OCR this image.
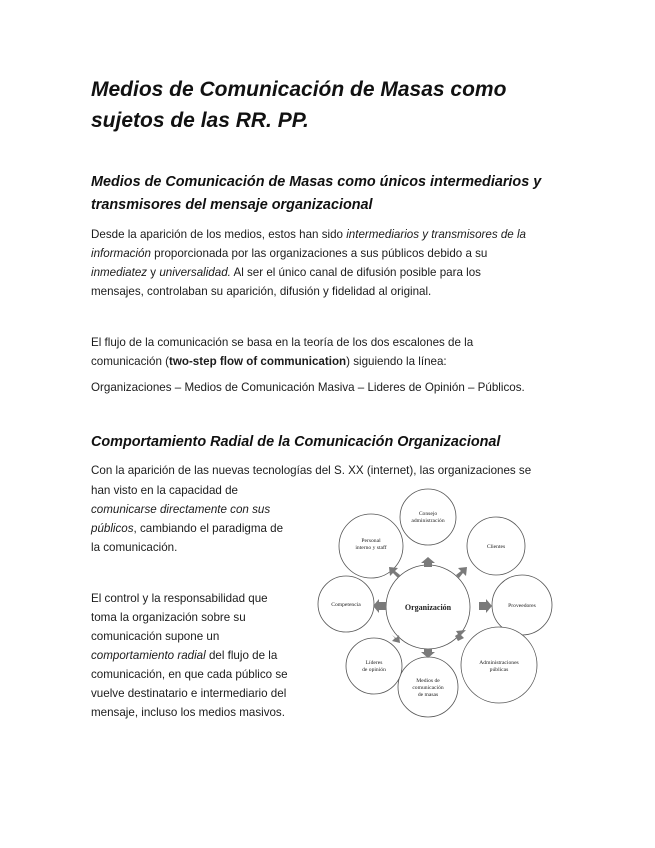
Medios de Comunicación de Masas como sujetos de las RR. PP.
Medios de Comunicación de Masas como únicos intermediarios y transmisores del mensaje organizacional

Desde la aparición de los medios, estos han sido intermediarios y transmisores de la
información proporcionada por las organizaciones a sus públicos debido a su
inmediatez y universalidad. Al ser el único canal de difusión posible para los
mensajes, controlaban su aparición, difusión y fidelidad al original.

El flujo de la comunicación se basa en la teoría de los dos escalones de la
comunicación (two-step flow of communication) siguiendo la línea:

Organizaciones – Medios de Comunicación Masiva – Lideres de Opinión – Públicos.

Comportamiento Radial de la Comunicación Organizacional

Con la aparición de las nuevas tecnologías del S. XX (internet), las organizaciones se

han visto en la capacidad de
comunicarse directamente con sus
públicos, cambiando el paradigma de
la comunicación.

El control y la responsabilidad que
toma la organización sobre su
comunicación supone un
comportamiento radial del flujo de la
comunicación, en que cada público se
vuelve destinatario e intermediario del
mensaje, incluso los medios masivos.

Organización
Consejo
administración
Clientes
Proveedores
Administraciones
públicas
Medios de
comunicación
de masas
Líderes
de opinión
Competencia
Personal
interno y staff
